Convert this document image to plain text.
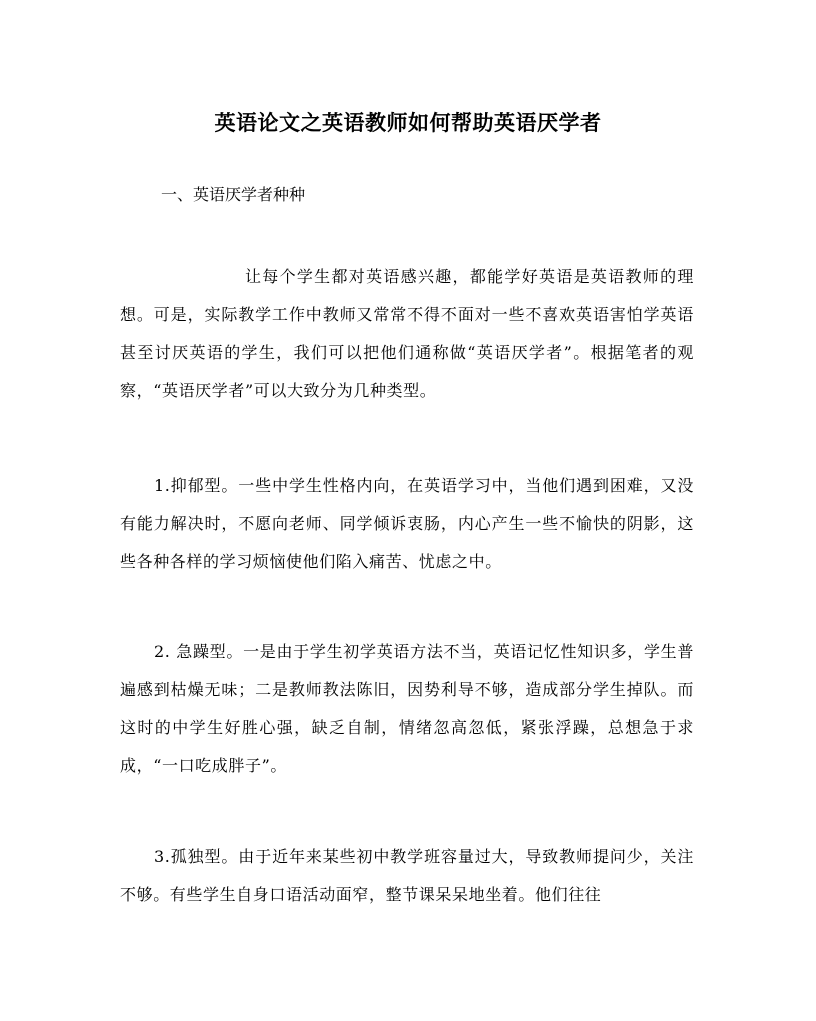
英语论文之英语教师如何帮助英语厌学者

一、英语厌学者种种

让每个学生都对英语感兴趣，都能学好英语是英语教师的理想。可是，实际教学工作中教师又常常不得不面对一些不喜欢英语害怕学英语甚至讨厌英语的学生，我们可以把他们通称做“英语厌学者”。根据笔者的观察，“英语厌学者”可以大致分为几种类型。

1.抑郁型。一些中学生性格内向，在英语学习中，当他们遇到困难，又没有能力解决时，不愿向老师、同学倾诉衷肠，内心产生一些不愉快的阴影，这些各种各样的学习烦恼使他们陷入痛苦、忧虑之中。

2. 急躁型。一是由于学生初学英语方法不当，英语记忆性知识多，学生普遍感到枯燥无味；二是教师教法陈旧，因势利导不够，造成部分学生掉队。而这时的中学生好胜心强，缺乏自制，情绪忽高忽低，紧张浮躁，总想急于求成，“一口吃成胖子”。

3.孤独型。由于近年来某些初中教学班容量过大，导致教师提问少，关注不够。有些学生自身口语活动面窄，整节课呆呆地坐着。他们往往
